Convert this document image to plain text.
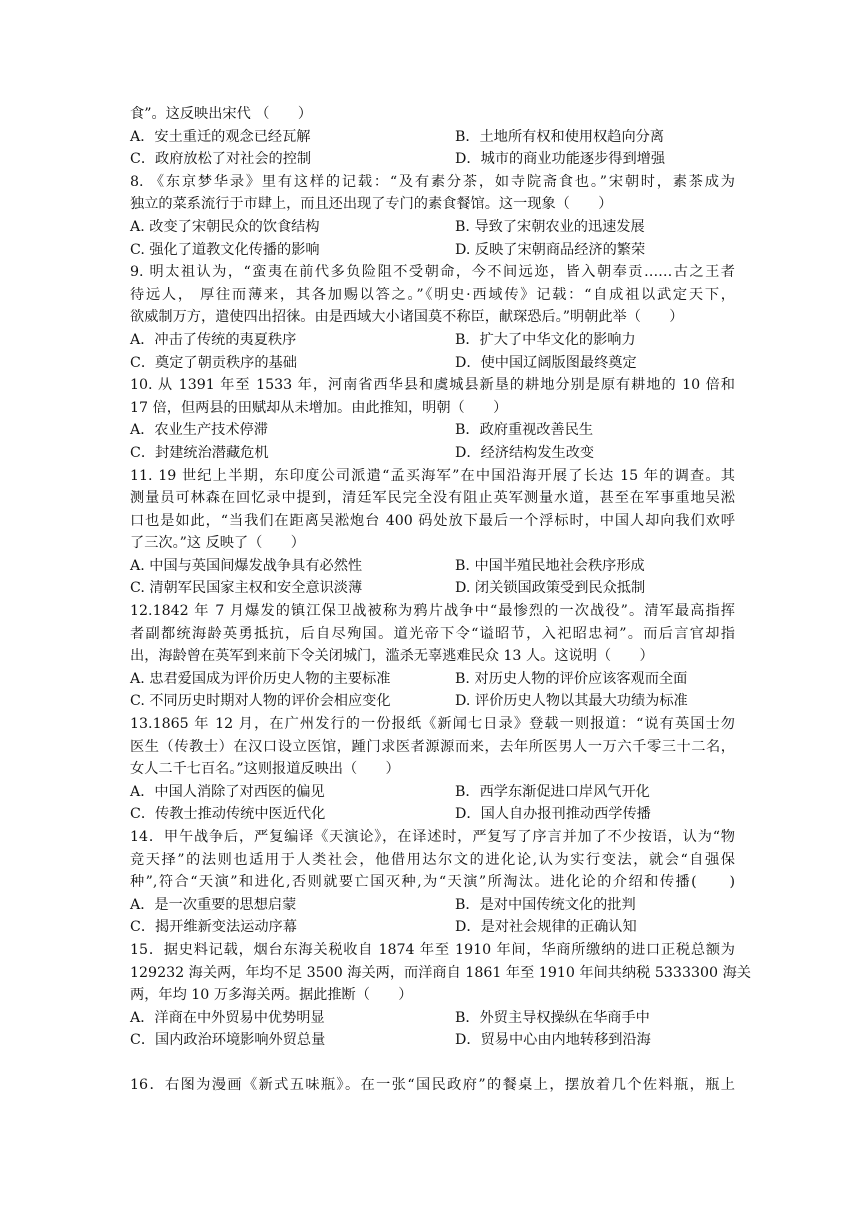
食”。这反映出宋代 （　　）
A．安土重迁的观念已经瓦解	B．土地所有权和使用权趋向分离
C．政府放松了对社会的控制	D．城市的商业功能逐步得到增强
8. 《东京梦华录》里有这样的记载：“及有素分茶，如寺院斋食也。”宋朝时，素茶成为
独立的菜系流行于市肆上，而且还出现了专门的素食餐馆。这一现象（　　）
A. 改变了宋朝民众的饮食结构	B. 导致了宋朝农业的迅速发展
C. 强化了道教文化传播的影响	D. 反映了宋朝商品经济的繁荣
9. 明太祖认为，“蛮夷在前代多负险阻不受朝命，今不间远迩，皆入朝奉贡……古之王者
待远人， 厚往而薄来，其各加赐以答之。”《明史·西域传》记载：“自成祖以武定天下，
欲威制万方，遣使四出招徕。由是西域大小诸国莫不称臣，献琛恐后。”明朝此举（　　）
A．冲击了传统的夷夏秩序	B．扩大了中华文化的影响力
C．奠定了朝贡秩序的基础	D．使中国辽阔版图最终奠定
10. 从 1391 年至 1533 年，河南省西华县和虞城县新垦的耕地分别是原有耕地的 10 倍和
17 倍，但两县的田赋却从未增加。由此推知，明朝（　　）
A．农业生产技术停滞	B．政府重视改善民生
C．封建统治潜藏危机	D．经济结构发生改变
11. 19 世纪上半期，东印度公司派遣“孟买海军”在中国沿海开展了长达 15 年的调查。其
测量员可林森在回忆录中提到，清廷军民完全没有阻止英军测量水道，甚至在军事重地吴淞
口也是如此，“当我们在距离吴淞炮台 400 码处放下最后一个浮标时，中国人却向我们欢呼
了三次。”这 反映了（　　）
A. 中国与英国间爆发战争具有必然性	B. 中国半殖民地社会秩序形成
C. 清朝军民国家主权和安全意识淡薄	D. 闭关锁国政策受到民众抵制
12.1842 年 7 月爆发的镇江保卫战被称为鸦片战争中“最惨烈的一次战役”。清军最高指挥
者副都统海龄英勇抵抗，后自尽殉国。道光帝下令“谥昭节，入祀昭忠祠”。而后言官却指
出，海龄曾在英军到来前下令关闭城门，滥杀无辜逃难民众 13 人。这说明（　　）
A. 忠君爱国成为评价历史人物的主要标准	B. 对历史人物的评价应该客观而全面
C. 不同历史时期对人物的评价会相应变化	D. 评价历史人物以其最大功绩为标准
13.1865 年 12 月，在广州发行的一份报纸《新闻七日录》登载一则报道：“说有英国士勿
医生（传教士）在汉口设立医馆，踵门求医者源源而来，去年所医男人一万六千零三十二名，
女人二千七百名。”这则报道反映出（　　）
A．中国人消除了对西医的偏见	B．西学东渐促进口岸风气开化
C．传教士推动传统中医近代化	D．国人自办报刊推动西学传播
14．甲午战争后，严复编译《天演论》，在译述时，严复写了序言并加了不少按语，认为“物
竞天择”的法则也适用于人类社会，他借用达尔文的进化论,认为实行变法，就会“自强保
种”,符合“天演”和进化,否则就要亡国灭种,为“天演”所淘汰。进化论的介绍和传播(　　)
A．是一次重要的思想启蒙	B．是对中国传统文化的批判
C．揭开维新变法运动序幕	D．是对社会规律的正确认知
15．据史料记载，烟台东海关税收自 1874 年至 1910 年间，华商所缴纳的进口正税总额为
129232 海关两，年均不足 3500 海关两，而洋商自 1861 年至 1910 年间共纳税 5333300 海关
两，年均 10 万多海关两。据此推断（　　）
A．洋商在中外贸易中优势明显	B．外贸主导权操纵在华商手中
C．国内政治环境影响外贸总量	D．贸易中心由内地转移到沿海
16．右图为漫画《新式五味瓶》。在一张“国民政府”的餐桌上，摆放着几个佐料瓶，瓶上
